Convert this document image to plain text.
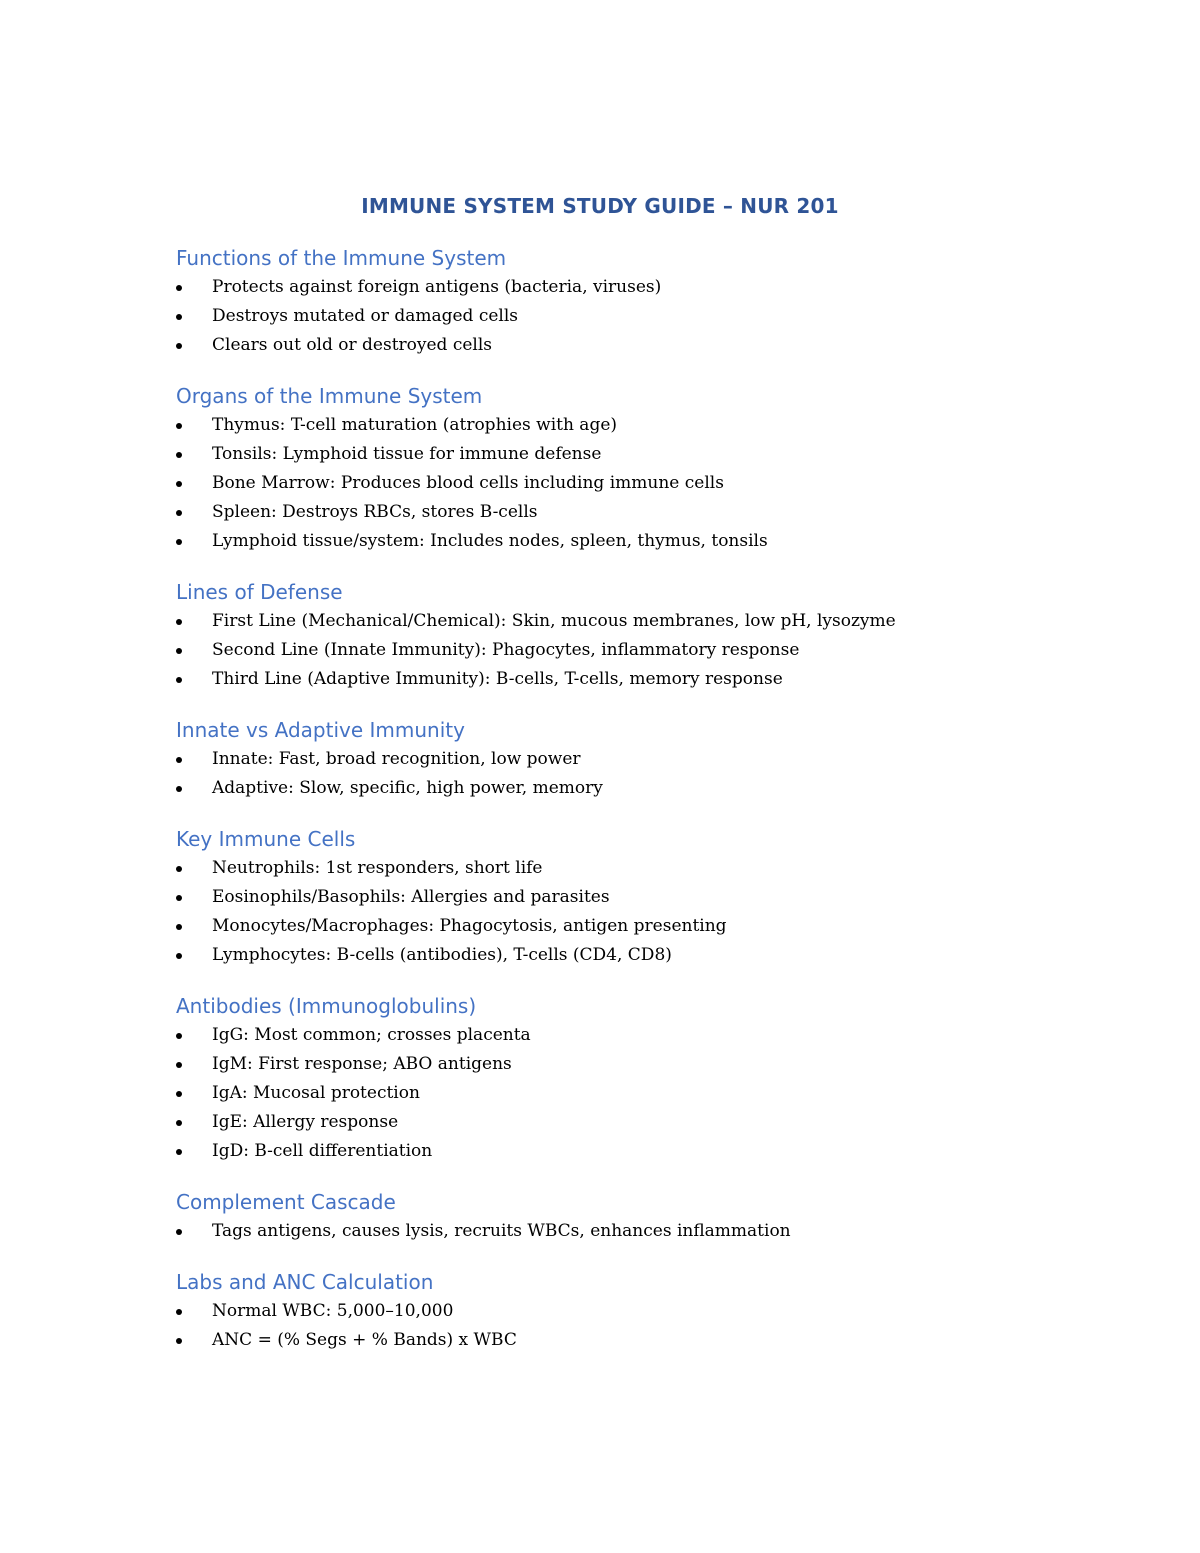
IMMUNE SYSTEM STUDY GUIDE – NUR 201
Functions of the Immune System
Protects against foreign antigens (bacteria, viruses)
Destroys mutated or damaged cells
Clears out old or destroyed cells
Organs of the Immune System
Thymus: T-cell maturation (atrophies with age)
Tonsils: Lymphoid tissue for immune defense
Bone Marrow: Produces blood cells including immune cells
Spleen: Destroys RBCs, stores B-cells
Lymphoid tissue/system: Includes nodes, spleen, thymus, tonsils
Lines of Defense
First Line (Mechanical/Chemical): Skin, mucous membranes, low pH, lysozyme
Second Line (Innate Immunity): Phagocytes, inflammatory response
Third Line (Adaptive Immunity): B-cells, T-cells, memory response
Innate vs Adaptive Immunity
Innate: Fast, broad recognition, low power
Adaptive: Slow, specific, high power, memory
Key Immune Cells
Neutrophils: 1st responders, short life
Eosinophils/Basophils: Allergies and parasites
Monocytes/Macrophages: Phagocytosis, antigen presenting
Lymphocytes: B-cells (antibodies), T-cells (CD4, CD8)
Antibodies (Immunoglobulins)
IgG: Most common; crosses placenta
IgM: First response; ABO antigens
IgA: Mucosal protection
IgE: Allergy response
IgD: B-cell differentiation
Complement Cascade
Tags antigens, causes lysis, recruits WBCs, enhances inflammation
Labs and ANC Calculation
Normal WBC: 5,000–10,000
ANC = (% Segs + % Bands) x WBC
